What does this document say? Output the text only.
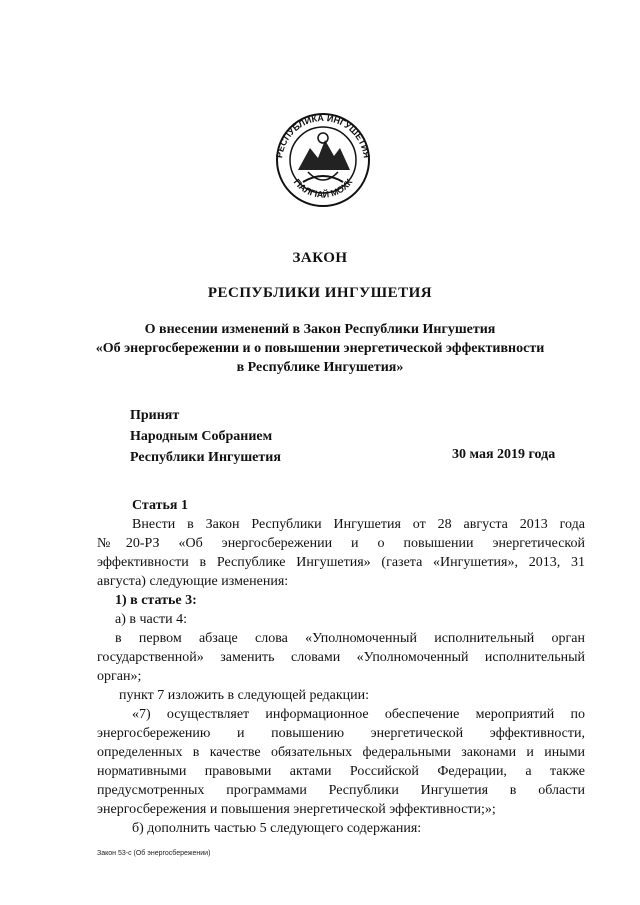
РЕСПУБЛИКА ИНГУШЕТИЯ
ГІАЛГІАЙ МОХК
ЗАКОН
РЕСПУБЛИКИ ИНГУШЕТИЯ
О внесении изменений в Закон Республики Ингушетия
«Об энергосбережении и о повышении энергетической эффективности
в Республике Ингушетия»
Принят
Народным Собранием
Республики Ингушетия	30 мая 2019 года
Статья 1
Внести в Закон Республики Ингушетия от 28 августа 2013 года
№20-РЗ «Об энергосбережении и о повышении энергетической
эффективности в Республике Ингушетия» (газета «Ингушетия», 2013, 31
августа) следующие изменения:
1) в статье 3:
а) в части 4:
в первом абзаце слова «Уполномоченный исполнительный орган
государственной» заменить словами «Уполномоченный исполнительный
орган»;
пункт 7 изложить в следующей редакции:
«7) осуществляет информационное обеспечение мероприятий по
энергосбережению и повышению энергетической эффективности,
определенных в качестве обязательных федеральными законами и иными
нормативными правовыми актами Российской Федерации, а также
предусмотренных программами Республики Ингушетия в области
энергосбережения и повышения энергетической эффективности;»;
б) дополнить частью 5 следующего содержания:
Закон 53-с (Об энергосбережении)
